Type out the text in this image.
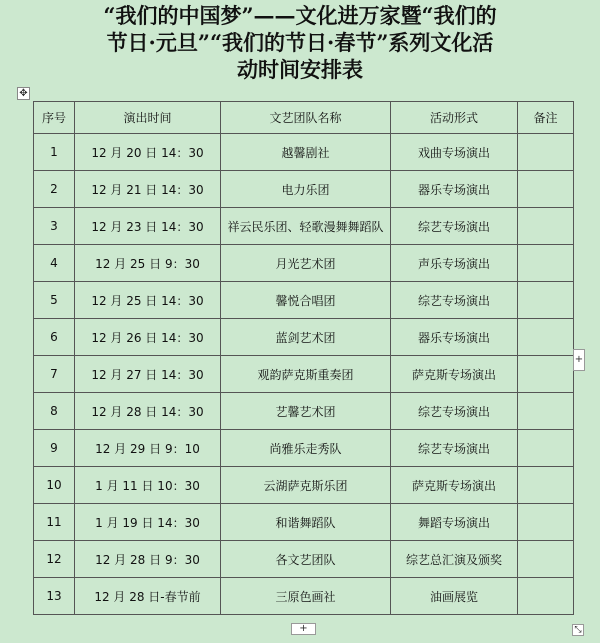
“我们的中国梦”——文化进万家暨“我们的
节日·元旦”“我们的节日·春节”系列文化活
动时间安排表
✥
序号	演出时间	文艺团队名称	活动形式	备注
1	12 月 20 日 14：30	越馨剧社	戏曲专场演出	
2	12 月 21 日 14：30	电力乐团	器乐专场演出	
3	12 月 23 日 14：30	祥云民乐团、轻歌漫舞舞蹈队	综艺专场演出	
4	12 月 25 日 9：30	月光艺术团	声乐专场演出	
5	12 月 25 日 14：30	馨悦合唱团	综艺专场演出	
6	12 月 26 日 14：30	蓝剑艺术团	器乐专场演出	
7	12 月 27 日 14：30	观韵萨克斯重奏团	萨克斯专场演出	
8	12 月 28 日 14：30	艺馨艺术团	综艺专场演出	
9	12 月 29 日 9：10	尚雅乐走秀队	综艺专场演出	
10	1 月 11 日 10：30	云湖萨克斯乐团	萨克斯专场演出	
11	1 月 19 日 14：30	和谐舞蹈队	舞蹈专场演出	
12	12 月 28 日 9：30	各文艺团队	综艺总汇演及颁奖	
13	12 月 28 日-春节前	三原色画社	油画展览	
+
+	⤡
